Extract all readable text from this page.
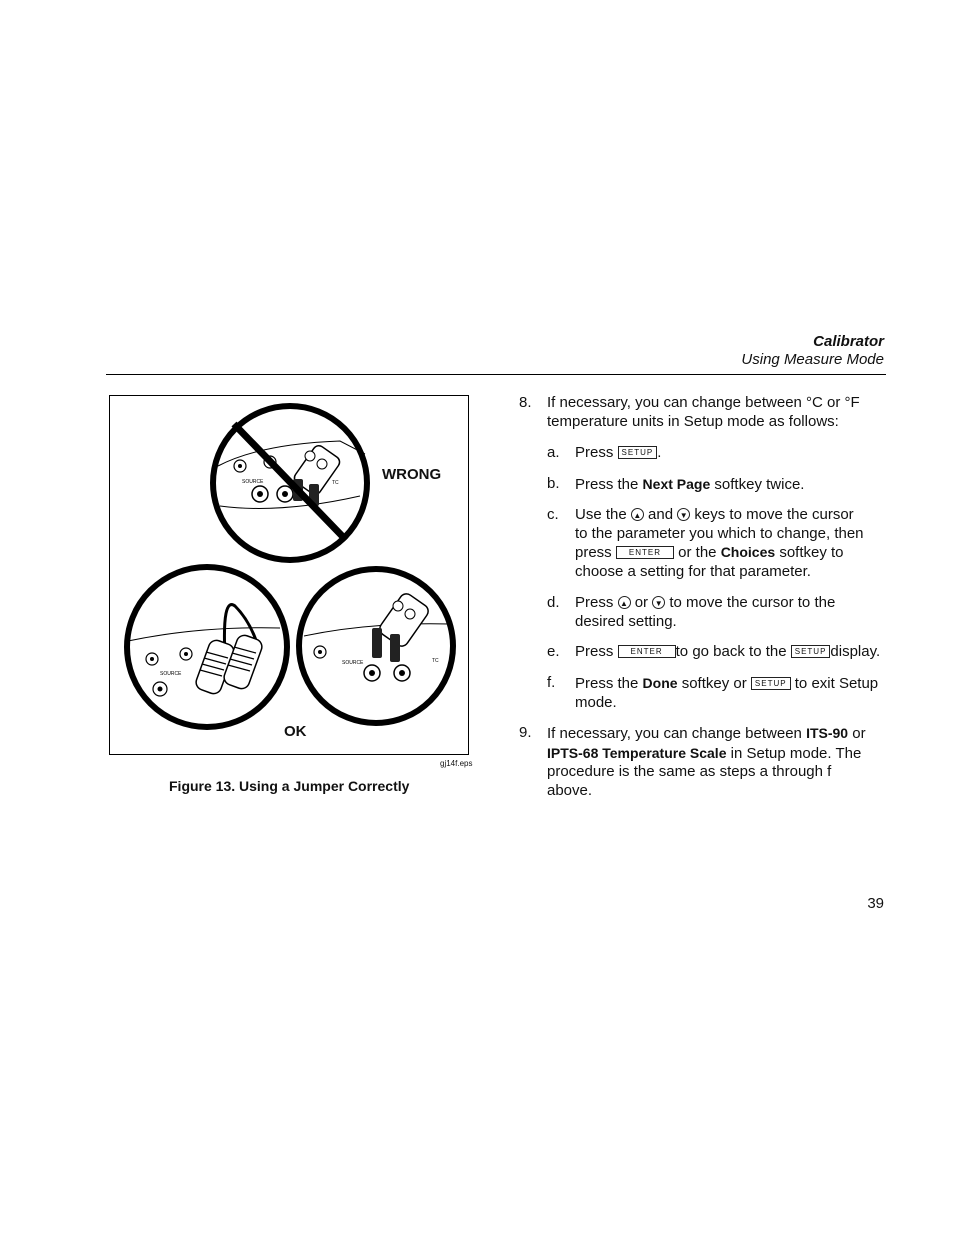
Calibrator
Using Measure Mode
SOURCE	TC
SOURCE
SOURCE	TC
WRONG
OK
gj14f.eps
Figure 13. Using a Jumper Correctly
8.	If necessary, you can change between °C or °F
temperature units in Setup mode as follows:
a. Press SETUP .
b. Press the Next Page softkey twice.
c. Use the ▲ and ▼ keys to move the cursor
to the parameter you which to change, then
press ENTER or the Choices softkey to
choose a setting for that parameter.
d. Press ▲ or ▼ to move the cursor to the
desired setting.
e. Press ENTER to go back to the SETUP display.
f. Press the Done softkey or SETUP to exit Setup
mode.
9.	If necessary, you can change between ITS-90 or
IPTS-68 Temperature Scale in Setup mode. The
procedure is the same as steps a through f
above.
39
